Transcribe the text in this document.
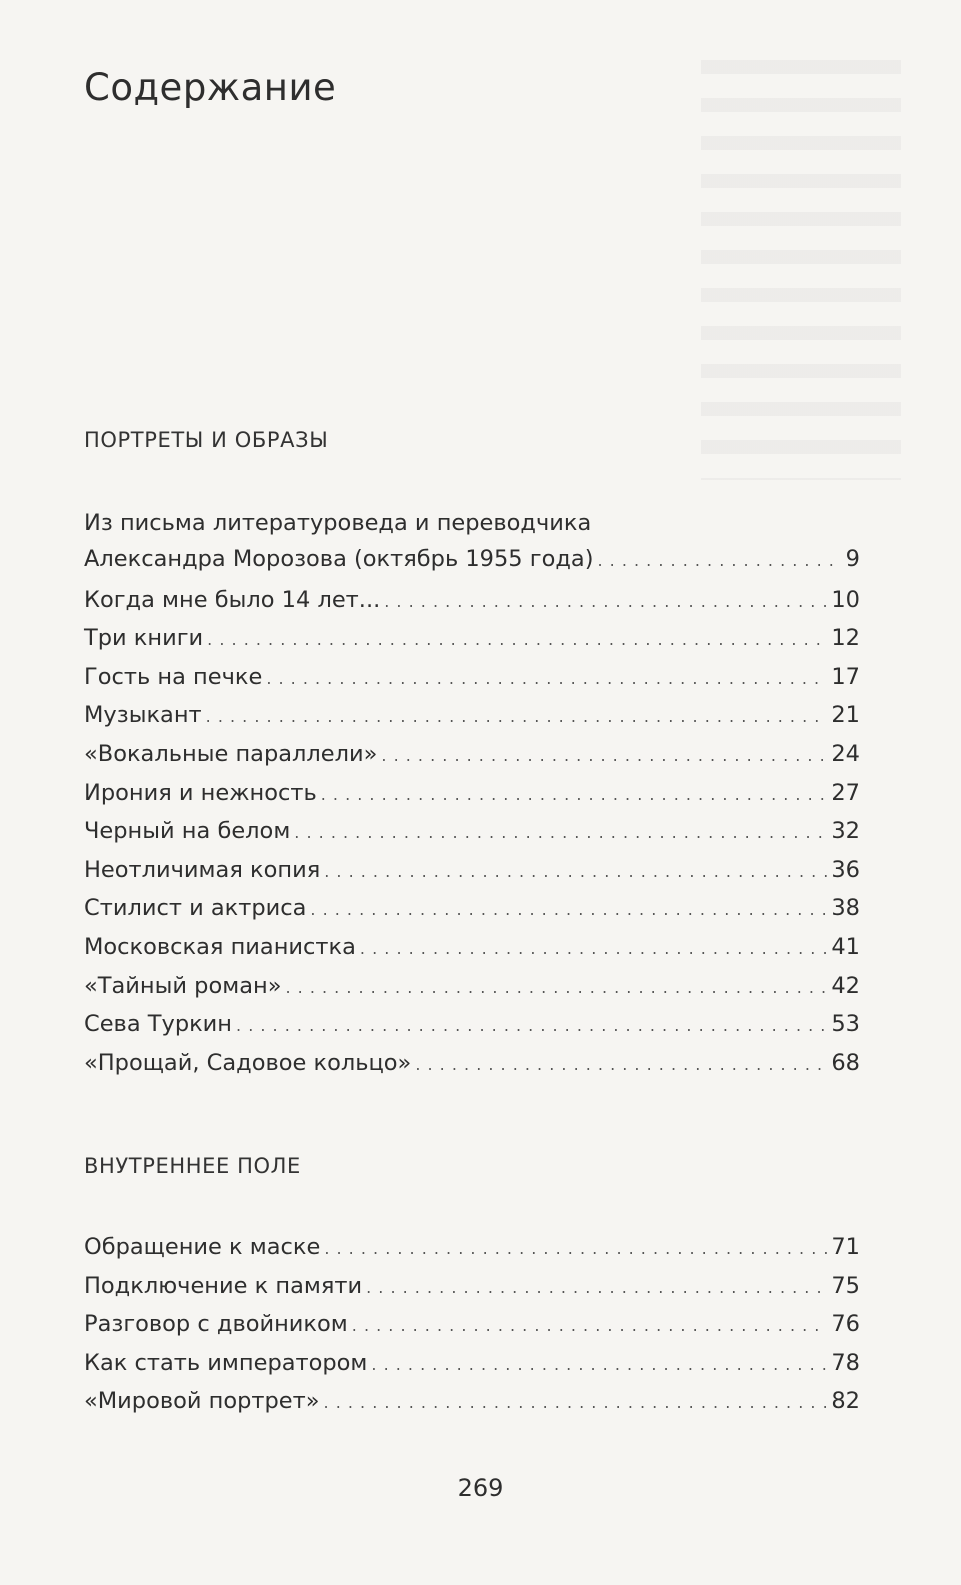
Содержание
ПОРТРЕТЫ И ОБРАЗЫ
Из письма литературоведа и переводчика
Александра Морозова (октябрь 1955 года) . . .	9
Когда мне было 14 лет... . . .	10
Три книги . . .	12
Гость на печке . . .	17
Музыкант . . .	21
«Вокальные параллели» . . .	24
Ирония и нежность . . .	27
Черный на белом . . .	32
Неотличимая копия . . .	36
Стилист и актриса . . .	38
Московская пианистка . . .	41
«Тайный роман» . . .	42
Сева Туркин . . .	53
«Прощай, Садовое кольцо» . . .	68
ВНУТРЕННЕЕ ПОЛЕ
Обращение к маске . . .	71
Подключение к памяти . . .	75
Разговор с двойником . . .	76
Как стать императором . . .	78
«Мировой портрет» . . .	82
269
